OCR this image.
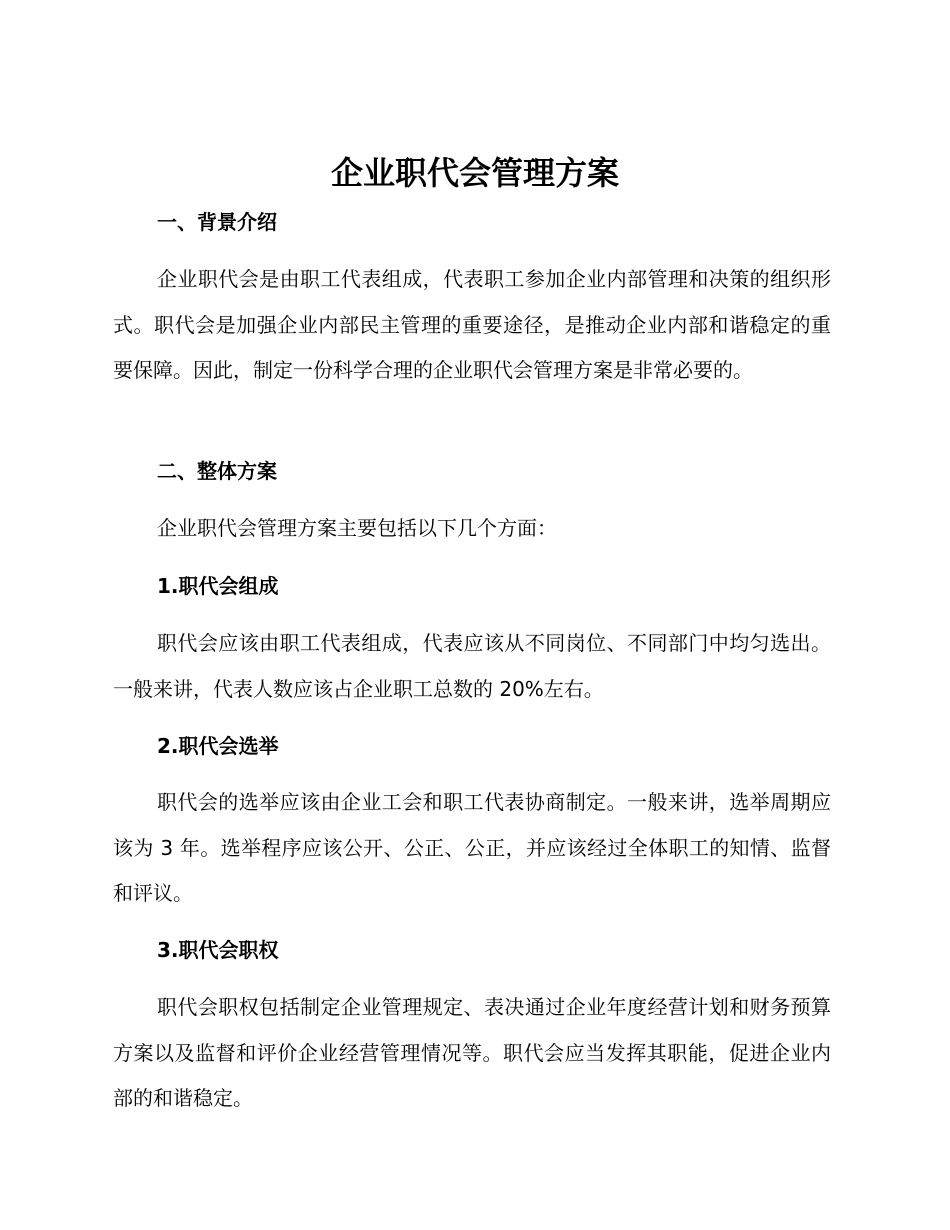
企业职代会管理方案
一、背景介绍

企业职代会是由职工代表组成，代表职工参加企业内部管理和决策的组织形式。职代会是加强企业内部民主管理的重要途径，是推动企业内部和谐稳定的重要保障。因此，制定一份科学合理的企业职代会管理方案是非常必要的。

二、整体方案

企业职代会管理方案主要包括以下几个方面：

1.职代会组成

职代会应该由职工代表组成，代表应该从不同岗位、不同部门中均匀选出。一般来讲，代表人数应该占企业职工总数的 20%左右。

2.职代会选举

职代会的选举应该由企业工会和职工代表协商制定。一般来讲，选举周期应该为 3 年。选举程序应该公开、公正、公正，并应该经过全体职工的知情、监督和评议。

3.职代会职权

职代会职权包括制定企业管理规定、表决通过企业年度经营计划和财务预算方案以及监督和评价企业经营管理情况等。职代会应当发挥其职能，促进企业内部的和谐稳定。
